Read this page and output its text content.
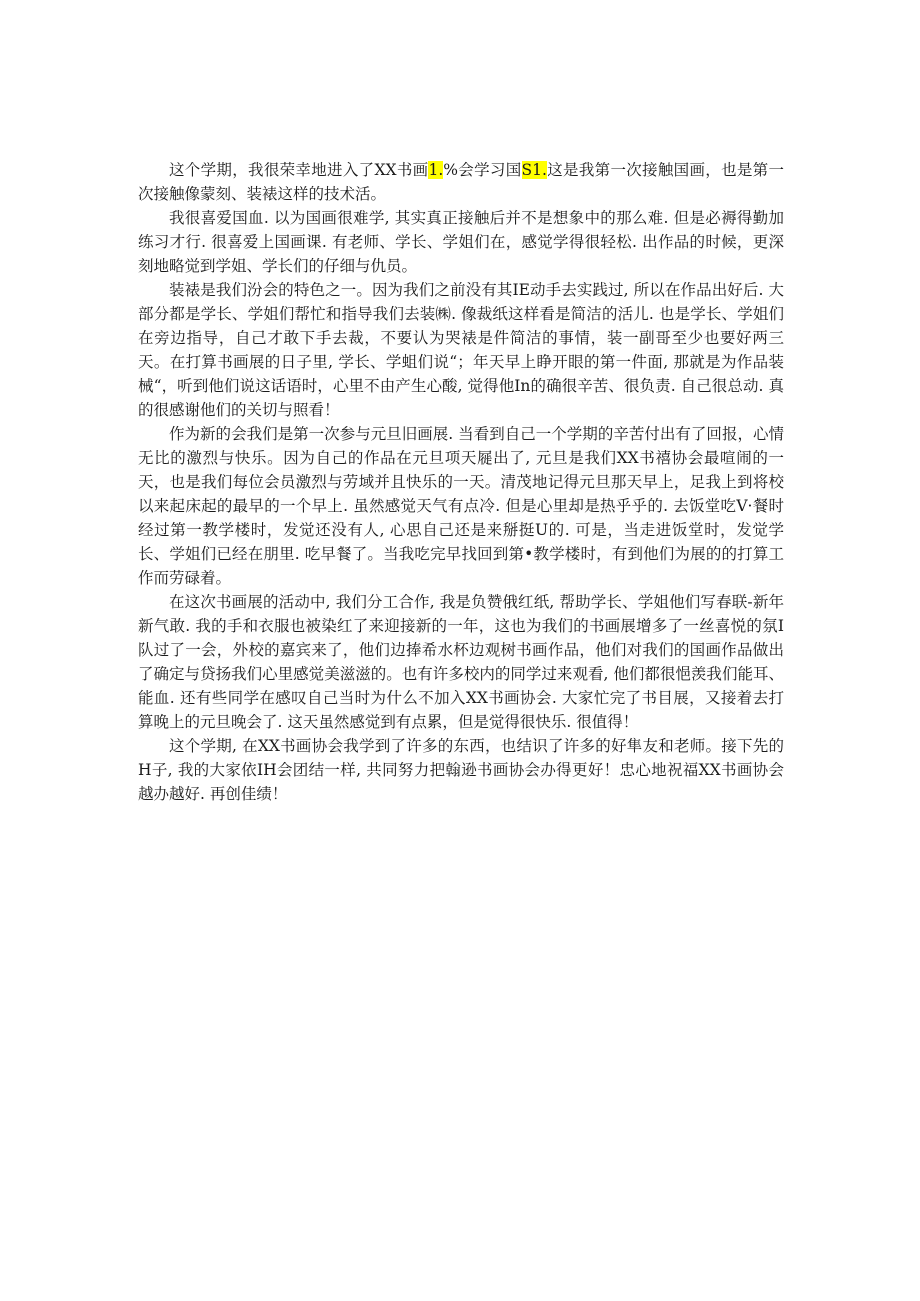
这个学期，我很荣幸地进入了XX书画1.%会学习国S1.这是我第一次接触国画，也是第一次接触像蒙刻、装裱这样的技术活。

我很喜爱国血. 以为国画很难学, 其实真正接触后并不是想象中的那么难. 但是必褥得勤加练习才行. 很喜爱上国画课. 有老师、学长、学姐们在，感觉学得很轻松. 出作品的时候，更深刻地略觉到学姐、学长们的仔细与仇员。

装裱是我们汾会的特色之一。因为我们之前没有其IE动手去实践过, 所以在作品出好后. 大部分都是学长、学姐们帮忙和指导我们去装㈱. 像裁纸这样看是简洁的活儿. 也是学长、学姐们在旁边指导，自己才敢下手去裁，不要认为哭裱是件简洁的事情，装一副哥至少也要好两三天。在打算书画展的日子里, 学长、学蛆们说“；年天早上睁开眼的第一件面, 那就是为作品装械“，听到他们说这话语时，心里不由产生心酸, 觉得他In的确很辛苦、很负责. 自己很总动. 真的很感谢他们的关切与照看！

作为新的会我们是第一次参与元旦旧画展. 当看到自己一个学期的辛苦付出有了回报，心情无比的激烈与快乐。因为自己的作品在元旦项天屣出了, 元旦是我们XX书禧协会最喧闹的一天，也是我们每位会员激烈与劳域并且快乐的一天。清茂地记得元旦那天早上，足我上到将校以来起床起的最早的一个早上. 虽然感觉天气有点冷. 但是心里却是热乎乎的. 去饭堂吃V·餐时经过第一教学楼时，发觉还没有人, 心思自己还是来掰挺U的. 可是，当走进饭堂时，发觉学长、学姐们已经在朋里. 吃早餐了。当我吃完早找回到第•教学楼时，有到他们为展的的打算工作而劳碌着。

在这次书画展的活动中, 我们分工合作, 我是负赞俄红纸, 帮助学长、学姐他们写春联-新年新气敢. 我的手和衣服也被染红了来迎接新的一年，这也为我们的书画展增多了一丝喜悦的氛I队过了一会，外校的嘉宾来了，他们边捧希水杯边观树书画作品，他们对我们的国画作品做出了确定与贷扬我们心里感觉美滋滋的。也有许多校内的同学过来观看, 他们都很悒羡我们能耳、能血. 还有些同学在感叹自己当时为什么不加入XX书画协会. 大家忙完了书目展，又接着去打算晚上的元旦晚会了. 这天虽然感觉到有点累，但是觉得很快乐. 很值得！

这个学期, 在XX书画协会我学到了许多的东西，也结识了许多的好隼友和老师。接下先的H子, 我的大家依IH会团结一样, 共同努力把翰逊书画协会办得更好！忠心地祝福XX书画协会越办越好. 再创佳绩！
